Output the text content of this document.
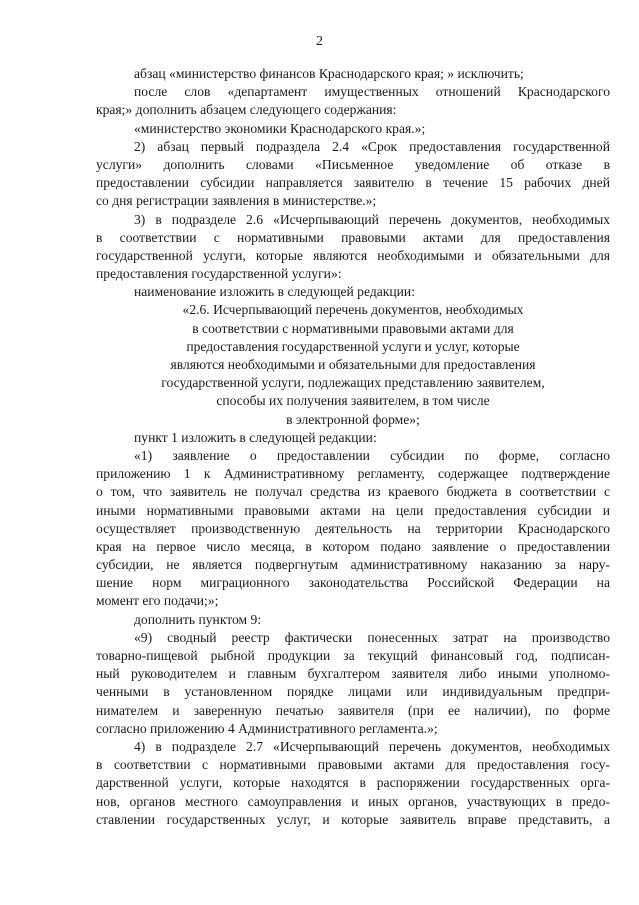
2
абзац «министерство финансов Краснодарского края; » исключить;
после слов «департамент имущественных отношений Краснодарского
края;» дополнить абзацем следующего содержания:
«министерство экономики Краснодарского края.»;
2) абзац первый подраздела 2.4 «Срок предоставления государственной
услуги» дополнить словами «Письменное уведомление об отказе в
предоставлении субсидии направляется заявителю в течение 15 рабочих дней
со дня регистрации заявления в министерстве.»;
3) в подразделе 2.6 «Исчерпывающий перечень документов, необходимых
в соответствии с нормативными правовыми актами для предоставления
государственной услуги, которые являются необходимыми и обязательными для
предоставления государственной услуги»:
наименование изложить в следующей редакции:
«2.6. Исчерпывающий перечень документов, необходимых
в соответствии с нормативными правовыми актами для
предоставления государственной услуги и услуг, которые
являются необходимыми и обязательными для предоставления
государственной услуги, подлежащих представлению заявителем,
способы их получения заявителем, в том числе
в электронной форме»;
пункт 1 изложить в следующей редакции:
«1) заявление о предоставлении субсидии по форме, согласно
приложению 1 к Административному регламенту, содержащее подтверждение
о том, что заявитель не получал средства из краевого бюджета в соответствии с
иными нормативными правовыми актами на цели предоставления субсидии и
осуществляет производственную деятельность на территории Краснодарского
края на первое число месяца, в котором подано заявление о предоставлении
субсидии, не является подвергнутым административному наказанию за нару-
шение норм миграционного законодательства Российской Федерации на
момент его подачи;»;
дополнить пунктом 9:
«9) сводный реестр фактически понесенных затрат на производство
товарно-пищевой рыбной продукции за текущий финансовый год, подписан-
ный руководителем и главным бухгалтером заявителя либо иными уполномо-
ченными в установленном порядке лицами или индивидуальным предпри-
нимателем и заверенную печатью заявителя (при ее наличии), по форме
согласно приложению 4 Административного регламента.»;
4) в подразделе 2.7 «Исчерпывающий перечень документов, необходимых
в соответствии с нормативными правовыми актами для предоставления госу-
дарственной услуги, которые находятся в распоряжении государственных орга-
нов, органов местного самоуправления и иных органов, участвующих в предо-
ставлении государственных услуг, и которые заявитель вправе представить, а
